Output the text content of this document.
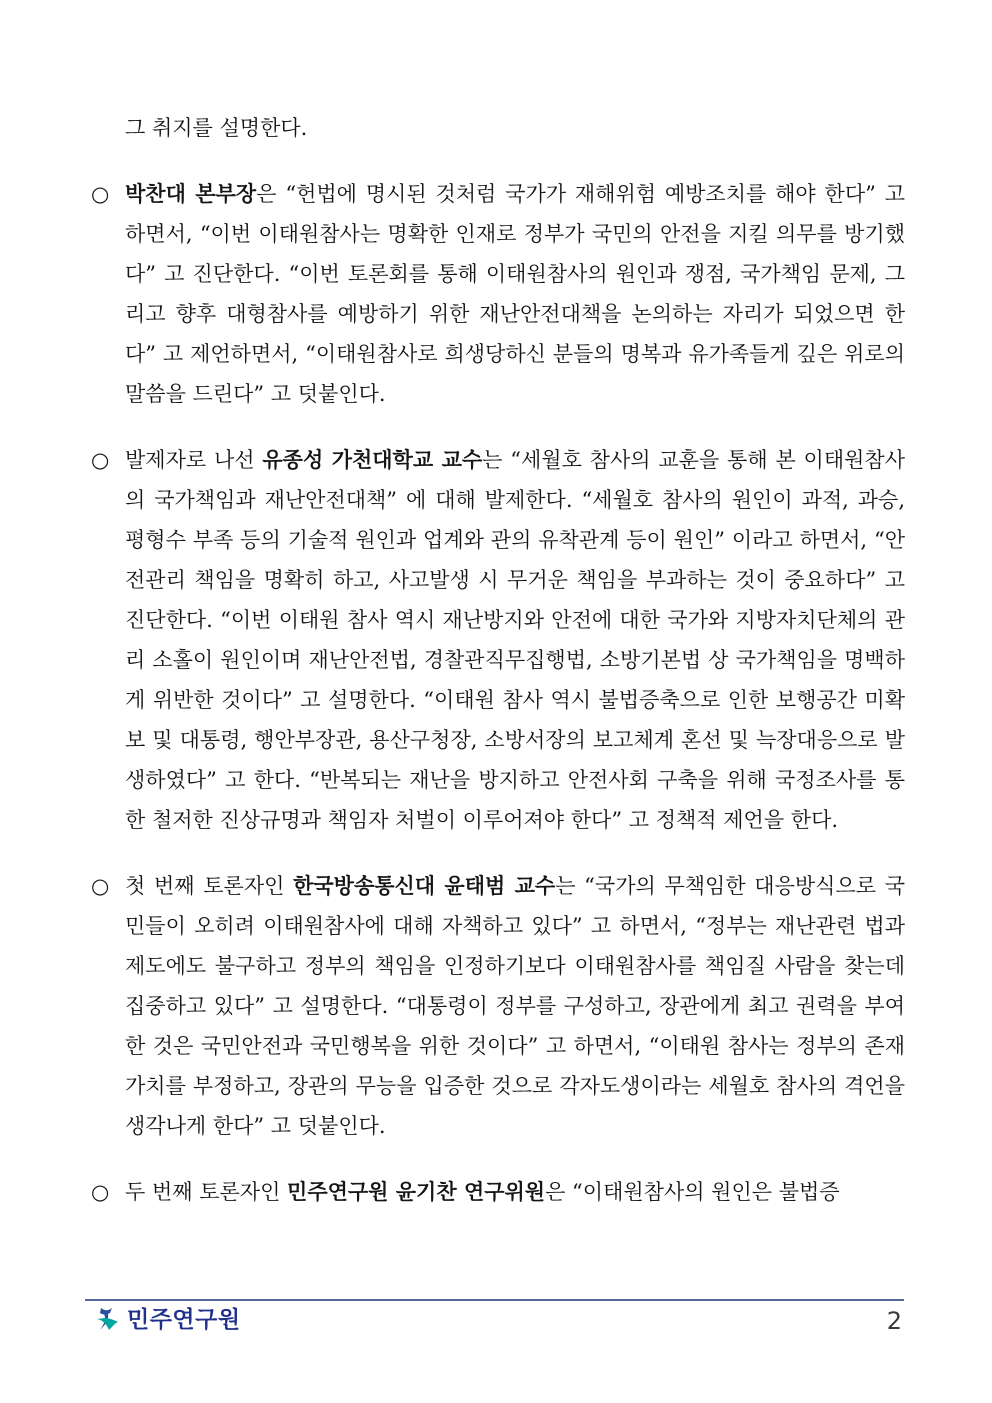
그 취지를 설명한다.

○ 박찬대 본부장은 “헌법에 명시된 것처럼 국가가 재해위험 예방조치를 해야 한다” 고 하면서, “이번 이태원참사는 명확한 인재로 정부가 국민의 안전을 지킬 의무를 방기했다” 고 진단한다. “이번 토론회를 통해 이태원참사의 원인과 쟁점, 국가책임 문제, 그리고 향후 대형참사를 예방하기 위한 재난안전대책을 논의하는 자리가 되었으면 한다” 고 제언하면서, “이태원참사로 희생당하신 분들의 명복과 유가족들게 깊은 위로의 말씀을 드린다” 고 덧붙인다.

○ 발제자로 나선 유종성 가천대학교 교수는 “세월호 참사의 교훈을 통해 본 이태원참사의 국가책임과 재난안전대책” 에 대해 발제한다. “세월호 참사의 원인이 과적, 과승, 평형수 부족 등의 기술적 원인과 업계와 관의 유착관계 등이 원인” 이라고 하면서, “안전관리 책임을 명확히 하고, 사고발생 시 무거운 책임을 부과하는 것이 중요하다” 고 진단한다. “이번 이태원 참사 역시 재난방지와 안전에 대한 국가와 지방자치단체의 관리 소홀이 원인이며 재난안전법, 경찰관직무집행법, 소방기본법 상 국가책임을 명백하게 위반한 것이다” 고 설명한다. “이태원 참사 역시 불법증축으로 인한 보행공간 미확보 및 대통령, 행안부장관, 용산구청장, 소방서장의 보고체계 혼선 및 늑장대응으로 발생하였다” 고 한다. “반복되는 재난을 방지하고 안전사회 구축을 위해 국정조사를 통한 철저한 진상규명과 책임자 처벌이 이루어져야 한다” 고 정책적 제언을 한다.

○ 첫 번째 토론자인 한국방송통신대 윤태범 교수는 “국가의 무책임한 대응방식으로 국민들이 오히려 이태원참사에 대해 자책하고 있다” 고 하면서, “정부는 재난관련 법과 제도에도 불구하고 정부의 책임을 인정하기보다 이태원참사를 책임질 사람을 찾는데 집중하고 있다” 고 설명한다. “대통령이 정부를 구성하고, 장관에게 최고 권력을 부여한 것은 국민안전과 국민행복을 위한 것이다” 고 하면서, “이태원 참사는 정부의 존재가치를 부정하고, 장관의 무능을 입증한 것으로 각자도생이라는 세월호 참사의 격언을 생각나게 한다” 고 덧붙인다.

○ 두 번째 토론자인 민주연구원 윤기찬 연구위원은 “이태원참사의 원인은 불법증

민주연구원	2
